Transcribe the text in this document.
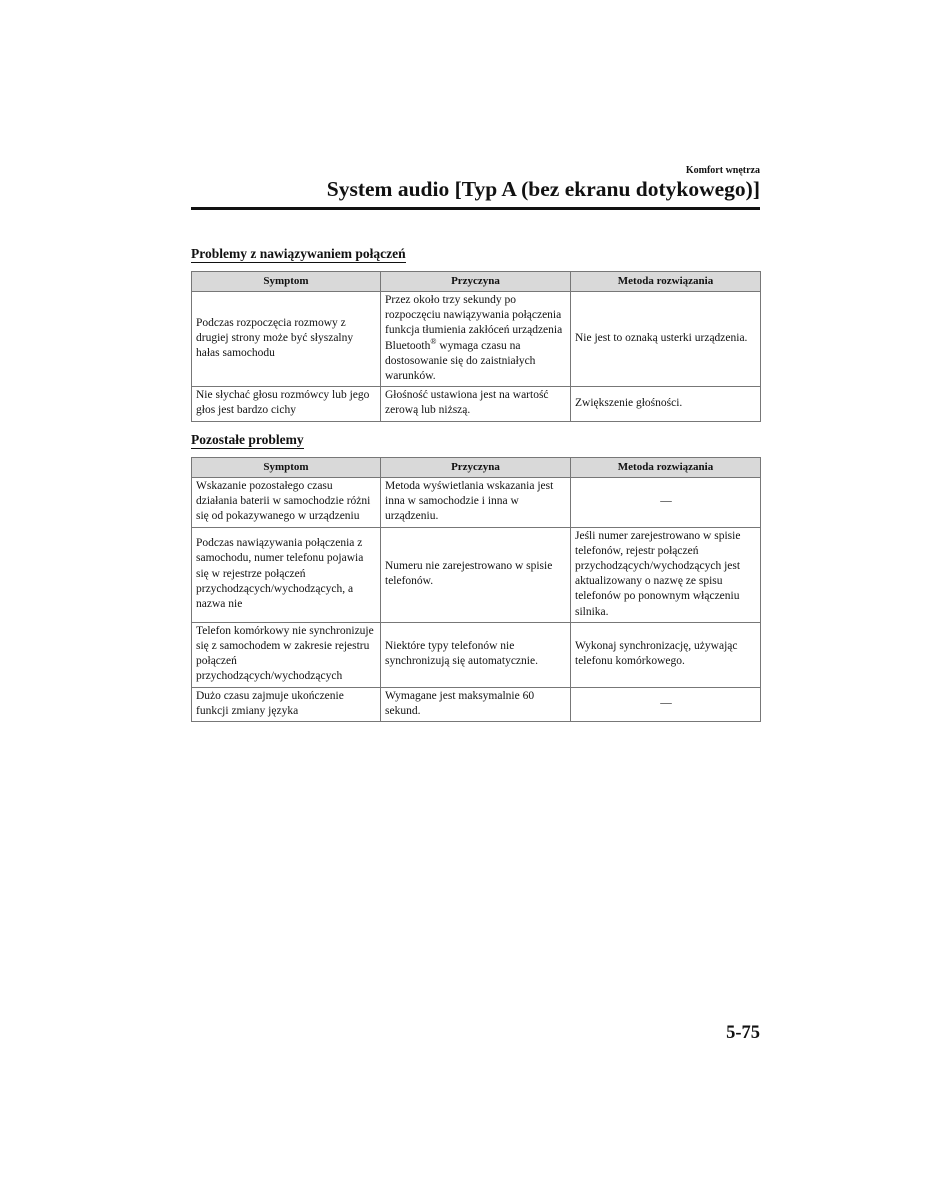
Komfort wnętrza
System audio [Typ A (bez ekranu dotykowego)]
Problemy z nawiązywaniem połączeń
Symptom	Przyczyna	Metoda rozwiązania
Podczas rozpoczęcia rozmowy z drugiej strony może być słyszalny hałas samochodu	Przez około trzy sekundy po rozpoczęciu nawiązywania połączenia funkcja tłumienia zakłóceń urządzenia Bluetooth® wymaga czasu na dostosowanie się do zaistniałych warunków.	Nie jest to oznaką usterki urządzenia.
Nie słychać głosu rozmówcy lub jego głos jest bardzo cichy	Głośność ustawiona jest na wartość zerową lub niższą.	Zwiększenie głośności.
Pozostałe problemy
Symptom	Przyczyna	Metoda rozwiązania
Wskazanie pozostałego czasu działania baterii w samochodzie różni się od pokazywanego w urządzeniu	Metoda wyświetlania wskazania jest inna w samochodzie i inna w urządzeniu.	—
Podczas nawiązywania połączenia z samochodu, numer telefonu pojawia się w rejestrze połączeń przychodzących/wychodzących, a nazwa nie	Numeru nie zarejestrowano w spisie telefonów.	Jeśli numer zarejestrowano w spisie telefonów, rejestr połączeń przychodzących/wychodzących jest aktualizowany o nazwę ze spisu telefonów po ponownym włączeniu silnika.
Telefon komórkowy nie synchronizuje się z samochodem w zakresie rejestru połączeń przychodzących/wychodzących	Niektóre typy telefonów nie synchronizują się automatycznie.	Wykonaj synchronizację, używając telefonu komórkowego.
Dużo czasu zajmuje ukończenie funkcji zmiany języka	Wymagane jest maksymalnie 60 sekund.	—
5-75
